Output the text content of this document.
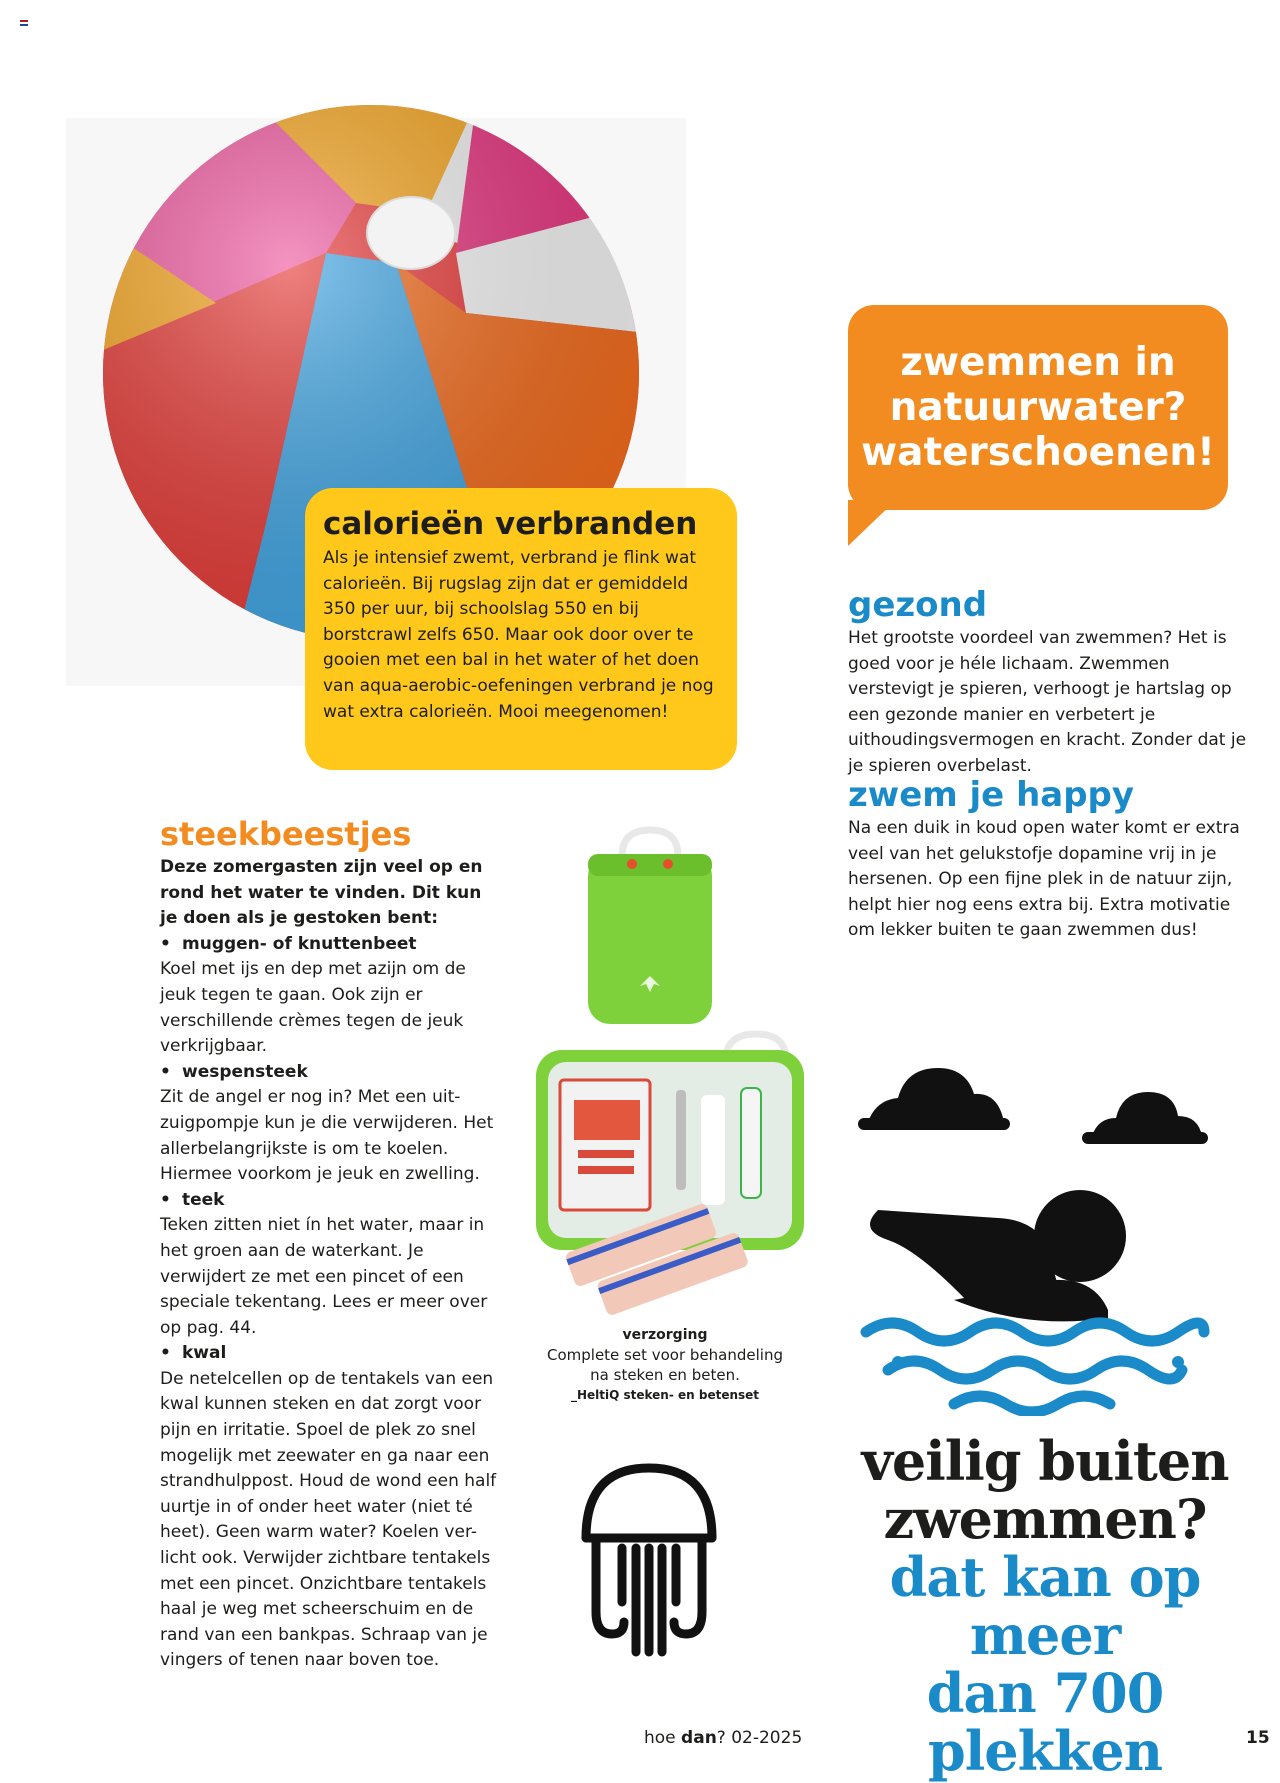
calorieën verbranden
Als je intensief zwemt, verbrand je flink wat calorieën. Bij rugslag zijn dat er gemiddeld 350 per uur, bij schoolslag 550 en bij borstcrawl zelfs 650. Maar ook door over te gooien met een bal in het water of het doen van aqua-aerobic-oefeningen verbrand je nog wat extra calorieën. Mooi meegenomen!
zwemmen in
natuurwater?
waterschoenen!
gezond
Het grootste voordeel van zwemmen? Het is goed voor je héle lichaam. Zwemmen verstevigt je spieren, verhoogt je hartslag op een gezonde manier en verbetert je uithoudingsvermogen en kracht. Zonder dat je je spieren overbelast.
zwem je happy
Na een duik in koud open water komt er extra veel van het gelukstofje dopamine vrij in je hersenen. Op een fijne plek in de natuur zijn, helpt hier nog eens extra bij. Extra motivatie om lekker buiten te gaan zwemmen dus!
steekbeestjes
Deze zomergasten zijn veel op en rond het water te vinden. Dit kun je doen als je gestoken bent:
• muggen- of knuttenbeet
Koel met ijs en dep met azijn om de jeuk tegen te gaan. Ook zijn er verschillende crèmes tegen de jeuk verkrijgbaar.
• wespensteek
Zit de angel er nog in? Met een uit-zuigpompje kun je die verwijderen. Het allerbelangrijkste is om te koelen. Hiermee voorkom je jeuk en zwelling.
• teek
Teken zitten niet ín het water, maar in het groen aan de waterkant. Je verwijdert ze met een pincet of een speciale tekentang. Lees er meer over op pag. 44.
• kwal
De netelcellen op de tentakels van een kwal kunnen steken en dat zorgt voor pijn en irritatie. Spoel de plek zo snel mogelijk met zeewater en ga naar een strandhulppost. Houd de wond een half uurtje in of onder heet water (niet té heet). Geen warm water? Koelen ver-licht ook. Verwijder zichtbare tentakels met een pincet. Onzichtbare tentakels haal je weg met scheerschuim en de rand van een bankpas. Schraap van je vingers of tenen naar boven toe.
verzorging
Complete set voor behandeling na steken en beten.
_HeltiQ steken- en betenset
veilig buiten
zwemmen?
dat kan op meer
dan 700 plekken
hoe dan? 02-2025	15
